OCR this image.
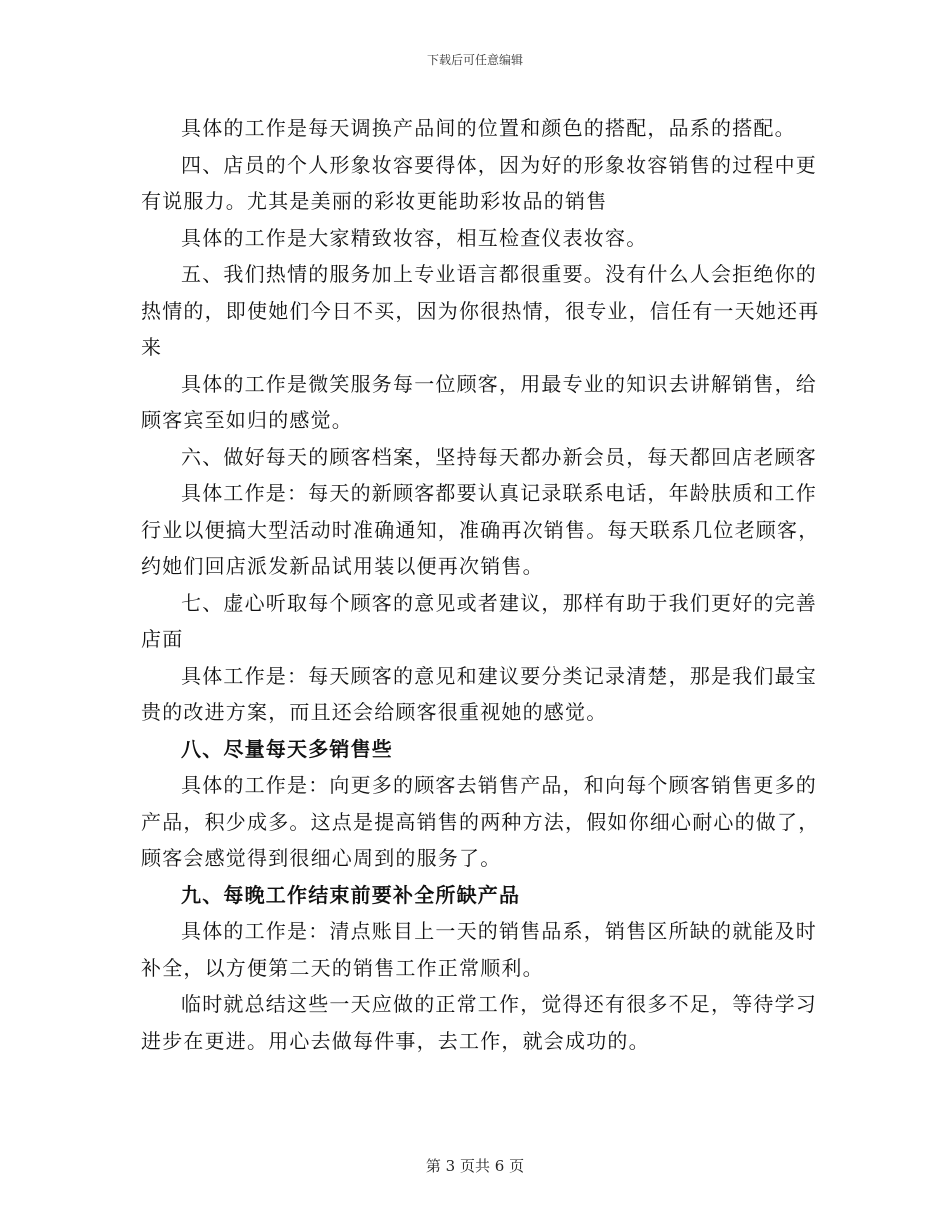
下载后可任意编辑

具体的工作是每天调换产品间的位置和颜色的搭配，品系的搭配。

四、店员的个人形象妆容要得体，因为好的形象妆容销售的过程中更有说服力。尤其是美丽的彩妆更能助彩妆品的销售

具体的工作是大家精致妆容，相互检查仪表妆容。

五、我们热情的服务加上专业语言都很重要。没有什么人会拒绝你的热情的，即使她们今日不买，因为你很热情，很专业，信任有一天她还再来

具体的工作是微笑服务每一位顾客，用最专业的知识去讲解销售，给顾客宾至如归的感觉。

六、做好每天的顾客档案，坚持每天都办新会员，每天都回店老顾客

具体工作是：每天的新顾客都要认真记录联系电话，年龄肤质和工作行业以便搞大型活动时准确通知，准确再次销售。每天联系几位老顾客，约她们回店派发新品试用装以便再次销售。

七、虚心听取每个顾客的意见或者建议，那样有助于我们更好的完善店面

具体工作是：每天顾客的意见和建议要分类记录清楚，那是我们最宝贵的改进方案，而且还会给顾客很重视她的感觉。

八、尽量每天多销售些

具体的工作是：向更多的顾客去销售产品，和向每个顾客销售更多的产品，积少成多。这点是提高销售的两种方法，假如你细心耐心的做了，顾客会感觉得到很细心周到的服务了。

九、每晚工作结束前要补全所缺产品

具体的工作是：清点账目上一天的销售品系，销售区所缺的就能及时补全，以方便第二天的销售工作正常顺利。

临时就总结这些一天应做的正常工作，觉得还有很多不足，等待学习进步在更进。用心去做每件事，去工作，就会成功的。

第 3 页共 6 页
